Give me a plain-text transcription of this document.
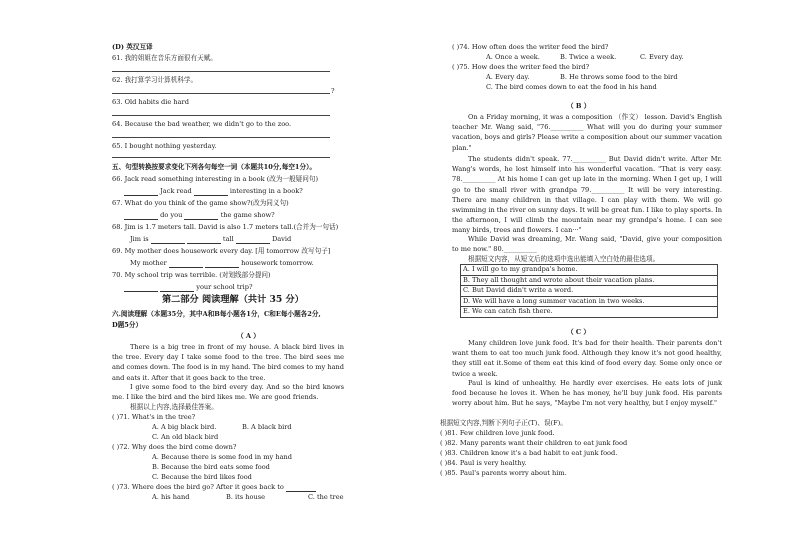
(D) 英汉互译
61. 我的姐姐在音乐方面很有天赋。
62. 我打算学习计算机科学。
?
63. Old habits die hard
64. Because the bad weather, we didn't go to the zoo.
65. I bought nothing yesterday.
五、句型转换按要求变化下列各句每空一词（本题共10分,每空1分）。
66. Jack read something interesting in a book (改为一般疑问句)
Jack read	interesting in a book?
67. What do you think of the game show?(改为同义句)
do you	the game show?
68. Jim is 1.7 meters tall. David is also 1.7 meters tall.(合并为一句话)
Jim is	tall	David
69. My mother does housework every day. [用 tomorrow 改写句子]
My mother	housework tomorrow.
70. My school trip was terrible. (对划线部分提问)
your school trip?
第二部分 阅读理解（共计 35 分）
六.阅读理解（本题35分，其中A和B每小题各1分，C和E每小题各2分,
D题5分）
（ A ）
There is a big tree in front of my house. A black bird lives in the tree. Every day I take some food to the tree. The bird sees me and comes down. The food is in my hand. The bird comes to my hand and eats it. After that it goes back to the tree.
I give some food to the bird every day. And so the bird knows me. I like the bird and the bird likes me. We are good friends.
根据以上内容,选择最佳答案。
( )71. What's in the tree?
A. A big black bird.	B. A black bird
C. An old black bird
( )72. Why does the bird come down?
A. Because there is some food in my hand
B. Because the bird eats some food
C. Because the bird likes food
( )73. Where does the bird go? After it goes back to
A. his hand	B. its house	C. the tree
( )74. How often does the writer feed the bird?
A. Once a week.	B. Twice a week.	C. Every day.
( )75. How does the writer feed the bird?
A. Every day.	B. He throws some food to the bird
C. The bird comes down to eat the food in his hand
（ B ）
On a Friday morning, it was a composition （作文） lesson. David's English teacher Mr. Wang said, "76.__________ What will you do during your summer vacation, boys and girls? Please write a composition about our summer vacation plan."
The students didn't speak. 77.__________ But David didn't write. After Mr. Wang's words, he lost himself into his wonderful vacation. "That is very easy. 78.__________ At his home I can get up late in the morning. When I get up, I will go to the small river with grandpa 79.__________ It will be very interesting. There are many children in that village. I can play with them. We will go swimming in the river on sunny days. It will be great fun. I like to play sports. In the afternoon, I will climb the mountain near my grandpa's home. I can see many birds, trees and flowers. I can···"
While David was dreaming, Mr. Wang said, "David, give your composition to me now." 80.__________
根据短文内容，从短文后的选项中选出能填入空白处的最佳选项。
A. I will go to my grandpa's home.
B. They all thought and wrote about their vacation plans.
C. But David didn't write a word.
D. We will have a long summer vacation in two weeks.
E. We can catch fish there.
（ C ）
Many children love junk food. It's bad for their health. Their parents don't want them to eat too much junk food. Although they know it's not good healthy, they still eat it.Some of them eat this kind of food every day. Some only once or twice a week.
Paul is kind of unhealthy. He hardly ever exercises. He eats lots of junk food because he loves it. When he has money, he'll buy junk food. His parents worry about him. But he says, "Maybe I'm not very healthy, but I enjoy myself."
根据短文内容,判断下列句子正(T)、误(F)。
( )81. Few children love junk food.
( )82. Many parents want their children to eat junk food
( )83. Children know it's a bad habit to eat junk food.
( )84. Paul is very healthy.
( )85. Paul's parents worry about him.
